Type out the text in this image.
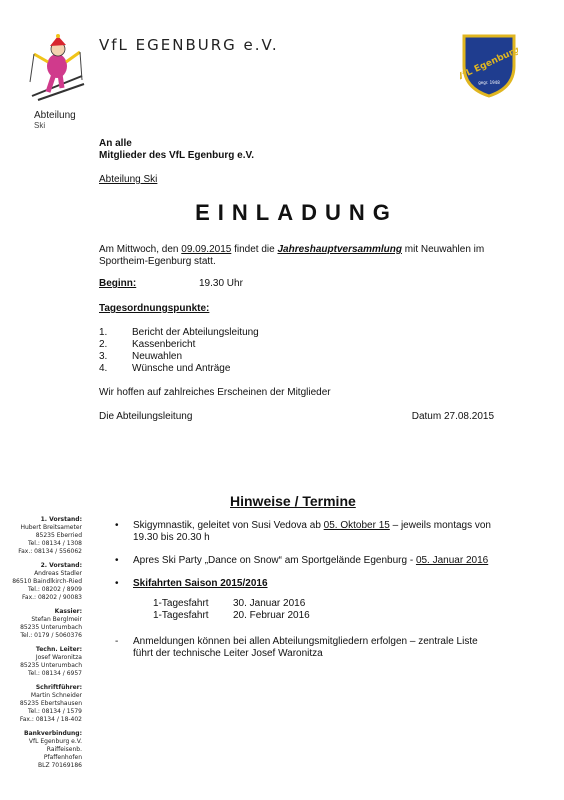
VfL EGENBURG e.V.
VfL Egenburg
gegr. 1948
Abteilung
Ski
An alle
Mitglieder des VfL Egenburg e.V.
Abteilung Ski
EINLADUNG
Am Mittwoch, den 09.09.2015 findet die Jahreshauptversammlung mit Neuwahlen im Sportheim-Egenburg statt.
Beginn:	19.30 Uhr
Tagesordnungspunkte:
1.	Bericht der Abteilungsleitung
2.	Kassenbericht
3.	Neuwahlen
4.	Wünsche und Anträge
Wir hoffen auf zahlreiches Erscheinen der Mitglieder
Die Abteilungsleitung	Datum 27.08.2015
1. Vorstand:
Hubert Breitsameter
85235 Eberried
Tel.: 08134 / 1308
Fax.: 08134 / 556062
2. Vorstand:
Andreas Stadler
86510 Baindlkirch-Ried
Tel.: 08202 / 8909
Fax.: 08202 / 90083
Kassier:
Stefan Berglmeir
85235 Unterumbach
Tel.: 0179 / 5060376
Techn. Leiter:
Josef Waronitza
85235 Unterumbach
Tel.: 08134 / 6957
Schriftführer:
Martin Schneider
85235 Ebertshausen
Tel.: 08134 / 1579
Fax.: 08134 / 18-402
Bankverbindung:
VfL Egenburg e.V.
Raiffeisenb.
Pfaffenhofen
BLZ 70169186
Hinweise / Termine
•	Skigymnastik, geleitet von Susi Vedova ab 05. Oktober 15 – jeweils montags von 19.30 bis 20.30 h
•	Apres Ski Party „Dance on Snow“ am Sportgelände Egenburg - 05. Januar 2016
•	Skifahrten Saison 2015/2016
1-Tagesfahrt	30. Januar 2016
1-Tagesfahrt	20. Februar 2016
-	Anmeldungen können bei allen Abteilungsmitgliedern erfolgen – zentrale Liste führt der technische Leiter Josef Waronitza
